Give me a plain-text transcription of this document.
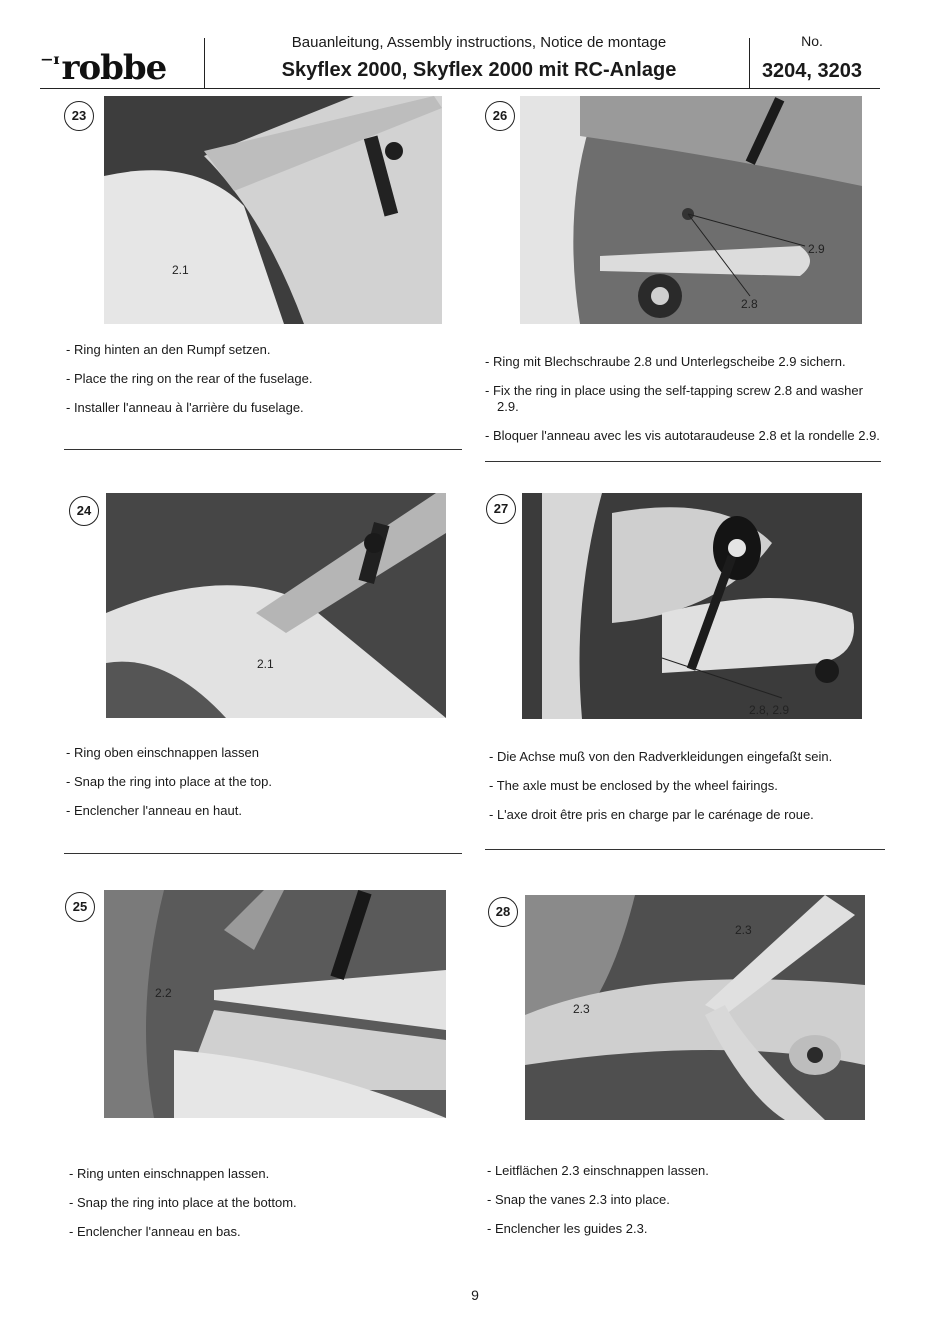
⁻ᶦrobbe
Bauanleitung, Assembly instructions, Notice de montage
Skyflex 2000, Skyflex 2000 mit RC-Anlage
No.
3204, 3203
23
2.1
- Ring hinten an den Rumpf setzen.
- Place the ring on the rear of the fuselage.
- Installer l'anneau à l'arrière du fuselage.
26
2.9
2.8
- Ring mit Blechschraube 2.8 und Unterlegscheibe 2.9 sichern.
- Fix the ring in place using the self-tapping screw 2.8 and washer 2.9.
- Bloquer l'anneau avec les vis autotaraudeuse 2.8 et la rondelle 2.9.
24
2.1
- Ring oben einschnappen lassen
- Snap the ring into place at the top.
- Enclencher l'anneau en haut.
27
2.8, 2.9
- Die Achse muß von den Radverkleidungen eingefaßt sein.
- The axle must be enclosed by the wheel fairings.
- L'axe droit être pris en charge par le carénage de roue.
25
2.2
- Ring unten einschnappen lassen.
- Snap the ring into place at the bottom.
- Enclencher l'anneau en bas.
28
2.3
2.3
- Leitflächen 2.3 einschnappen lassen.
- Snap the vanes 2.3 into place.
- Enclencher les guides 2.3.
9
